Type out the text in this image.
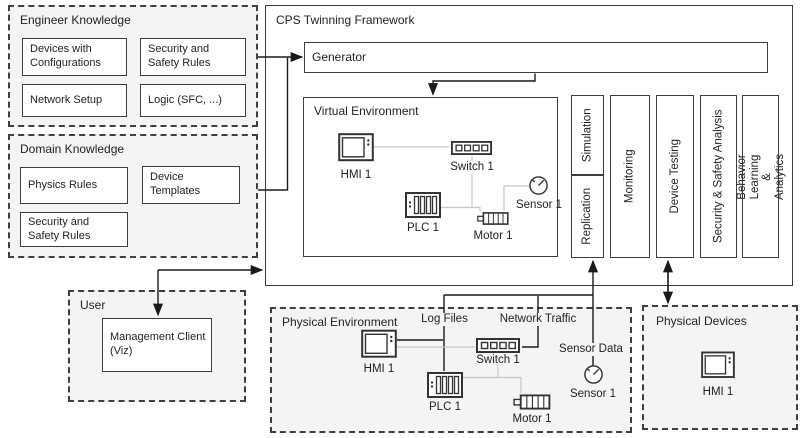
Engineer Knowledge
Devices with Configurations
Security and Safety Rules
Network Setup	Logic (SFC, ...)
Domain Knowledge
Physics Rules
Device Templates
Security and Safety Rules
User
Management Client (Viz)
CPS Twinning Framework
Generator
Virtual Environment	Simulation
Replication
Monitoring	Device Testing	Security & Safety Analysis Behavior Learning & Analytics
HMI 1
Switch 1
PLC 1
Motor 1
Sensor 1
Physical Environment	Log Files	Network Traffic
Sensor Data
HMI 1
Switch 1
PLC 1
Motor 1
Sensor 1
Physical Devices
HMI 1
